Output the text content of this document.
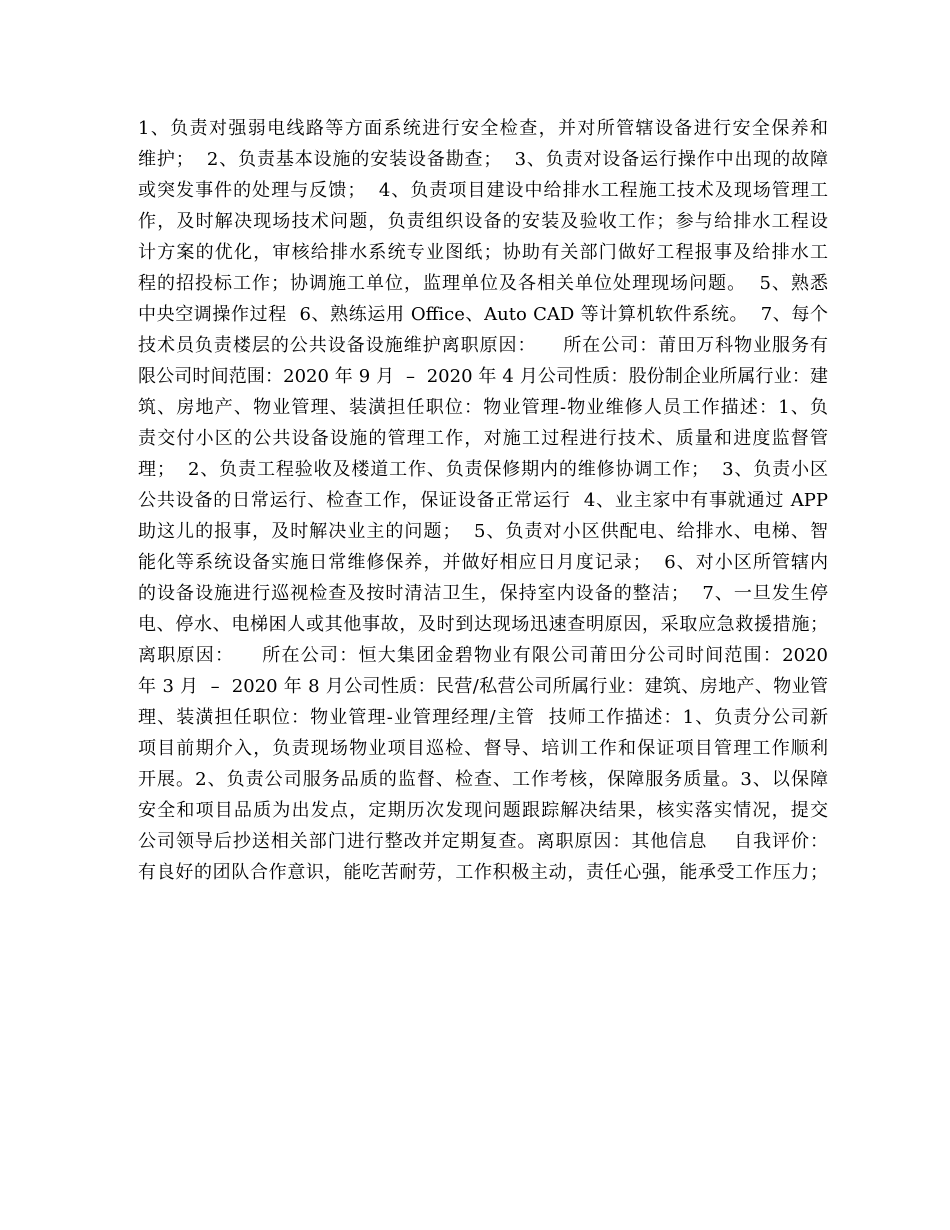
1、负责对强弱电线路等方面系统进行安全检查，并对所管辖设备进行安全保养和
维护；  2、负责基本设施的安装设备勘查；  3、负责对设备运行操作中出现的故障
或突发事件的处理与反馈；  4、负责项目建设中给排水工程施工技术及现场管理工
作，及时解决现场技术问题，负责组织设备的安装及验收工作；参与给排水工程设
计方案的优化，审核给排水系统专业图纸；协助有关部门做好工程报事及给排水工
程的招投标工作；协调施工单位，监理单位及各相关单位处理现场问题。  5、熟悉
中央空调操作过程  6、熟练运用 Office、Auto CAD 等计算机软件系统。  7、每个
技术员负责楼层的公共设备设施维护离职原因：    所在公司：莆田万科物业服务有
限公司时间范围：2020 年 9 月  –  2020 年 4 月公司性质：股份制企业所属行业：建
筑、房地产、物业管理、装潢担任职位：物业管理-物业维修人员工作描述：1、负
责交付小区的公共设备设施的管理工作，对施工过程进行技术、质量和进度监督管
理；  2、负责工程验收及楼道工作、负责保修期内的维修协调工作；  3、负责小区
公共设备的日常运行、检查工作，保证设备正常运行  4、业主家中有事就通过 APP
助这儿的报事，及时解决业主的问题；  5、负责对小区供配电、给排水、电梯、智
能化等系统设备实施日常维修保养，并做好相应日月度记录；  6、对小区所管辖内
的设备设施进行巡视检查及按时清洁卫生，保持室内设备的整洁；  7、一旦发生停
电、停水、电梯困人或其他事故，及时到达现场迅速查明原因，采取应急救援措施；
离职原因：    所在公司：恒大集团金碧物业有限公司莆田分公司时间范围：2020
年 3 月  –  2020 年 8 月公司性质：民营/私营公司所属行业：建筑、房地产、物业管
理、装潢担任职位：物业管理-业管理经理/主管  技师工作描述：1、负责分公司新
项目前期介入，负责现场物业项目巡检、督导、培训工作和保证项目管理工作顺利
开展。2、负责公司服务品质的监督、检查、工作考核，保障服务质量。3、以保障
安全和项目品质为出发点，定期历次发现问题跟踪解决结果，核实落实情况，提交
公司领导后抄送相关部门进行整改并定期复查。离职原因：其他信息    自我评价：
有良好的团队合作意识，能吃苦耐劳，工作积极主动，责任心强，能承受工作压力；
